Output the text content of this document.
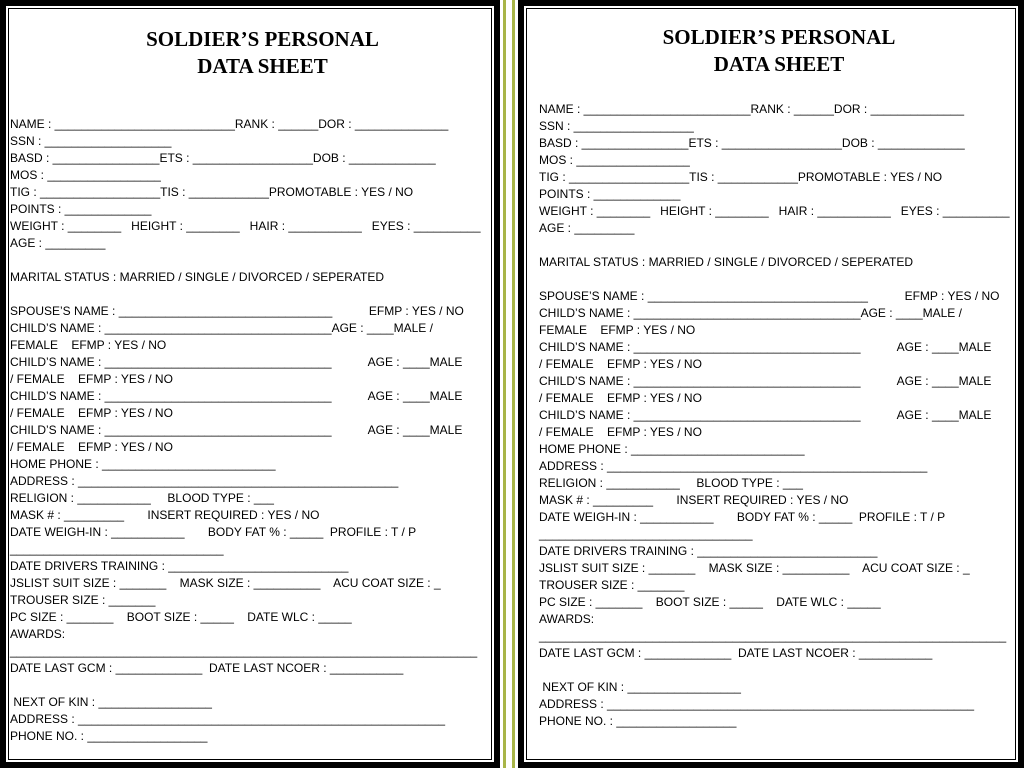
SOLDIER’S PERSONAL
DATA SHEET
NAME : ___________________________RANK : ______DOR : ______________
SSN : ___________________
BASD : ________________ETS : __________________DOB : _____________
MOS : _________________
TIG : __________________TIS : ____________PROMOTABLE : YES / NO
POINTS : _____________
WEIGHT : ________   HEIGHT : ________   HAIR : ___________   EYES : __________
AGE : _________
MARITAL STATUS : MARRIED / SINGLE / DIVORCED / SEPERATED
SPOUSE’S NAME : ________________________________           EFMP : YES / NO
CHILD’S NAME : __________________________________AGE : ____MALE /
FEMALE    EFMP : YES / NO
CHILD’S NAME : __________________________________           AGE : ____MALE
/ FEMALE    EFMP : YES / NO
CHILD’S NAME : __________________________________           AGE : ____MALE
/ FEMALE    EFMP : YES / NO
CHILD’S NAME : __________________________________           AGE : ____MALE
/ FEMALE    EFMP : YES / NO
HOME PHONE : __________________________
ADDRESS : ________________________________________________
RELIGION : ___________     BLOOD TYPE : ___
MASK # : _________       INSERT REQUIRED : YES / NO
DATE WEIGH-IN : ___________       BODY FAT % : _____  PROFILE : T / P
________________________________
DATE DRIVERS TRAINING : ___________________________
JSLIST SUIT SIZE : _______    MASK SIZE : __________    ACU COAT SIZE : _
TROUSER SIZE : _______
PC SIZE : _______    BOOT SIZE : _____    DATE WLC : _____
AWARDS:
______________________________________________________________________
DATE LAST GCM : _____________  DATE LAST NCOER : ___________
NEXT OF KIN : _________________
ADDRESS : _______________________________________________________
PHONE NO. : __________________
SOLDIER’S PERSONAL
DATA SHEET
NAME : _________________________RANK : ______DOR : ______________
SSN : __________________
BASD : ________________ETS : __________________DOB : _____________
MOS : _________________
TIG : __________________TIS : ____________PROMOTABLE : YES / NO
POINTS : _____________
WEIGHT : ________   HEIGHT : ________   HAIR : ___________   EYES : __________
AGE : _________
MARITAL STATUS : MARRIED / SINGLE / DIVORCED / SEPERATED
SPOUSE’S NAME : _________________________________           EFMP : YES / NO
CHILD’S NAME : __________________________________AGE : ____MALE /
FEMALE    EFMP : YES / NO
CHILD’S NAME : __________________________________           AGE : ____MALE
/ FEMALE    EFMP : YES / NO
CHILD’S NAME : __________________________________           AGE : ____MALE
/ FEMALE    EFMP : YES / NO
CHILD’S NAME : __________________________________           AGE : ____MALE
/ FEMALE    EFMP : YES / NO
HOME PHONE : __________________________
ADDRESS : ________________________________________________
RELIGION : ___________     BLOOD TYPE : ___
MASK # : _________       INSERT REQUIRED : YES / NO
DATE WEIGH-IN : ___________       BODY FAT % : _____  PROFILE : T / P
________________________________
DATE DRIVERS TRAINING : ___________________________
JSLIST SUIT SIZE : _______    MASK SIZE : __________    ACU COAT SIZE : _
TROUSER SIZE : _______
PC SIZE : _______    BOOT SIZE : _____    DATE WLC : _____
AWARDS:
______________________________________________________________________
DATE LAST GCM : _____________  DATE LAST NCOER : ___________
NEXT OF KIN : _________________
ADDRESS : _______________________________________________________
PHONE NO. : __________________
